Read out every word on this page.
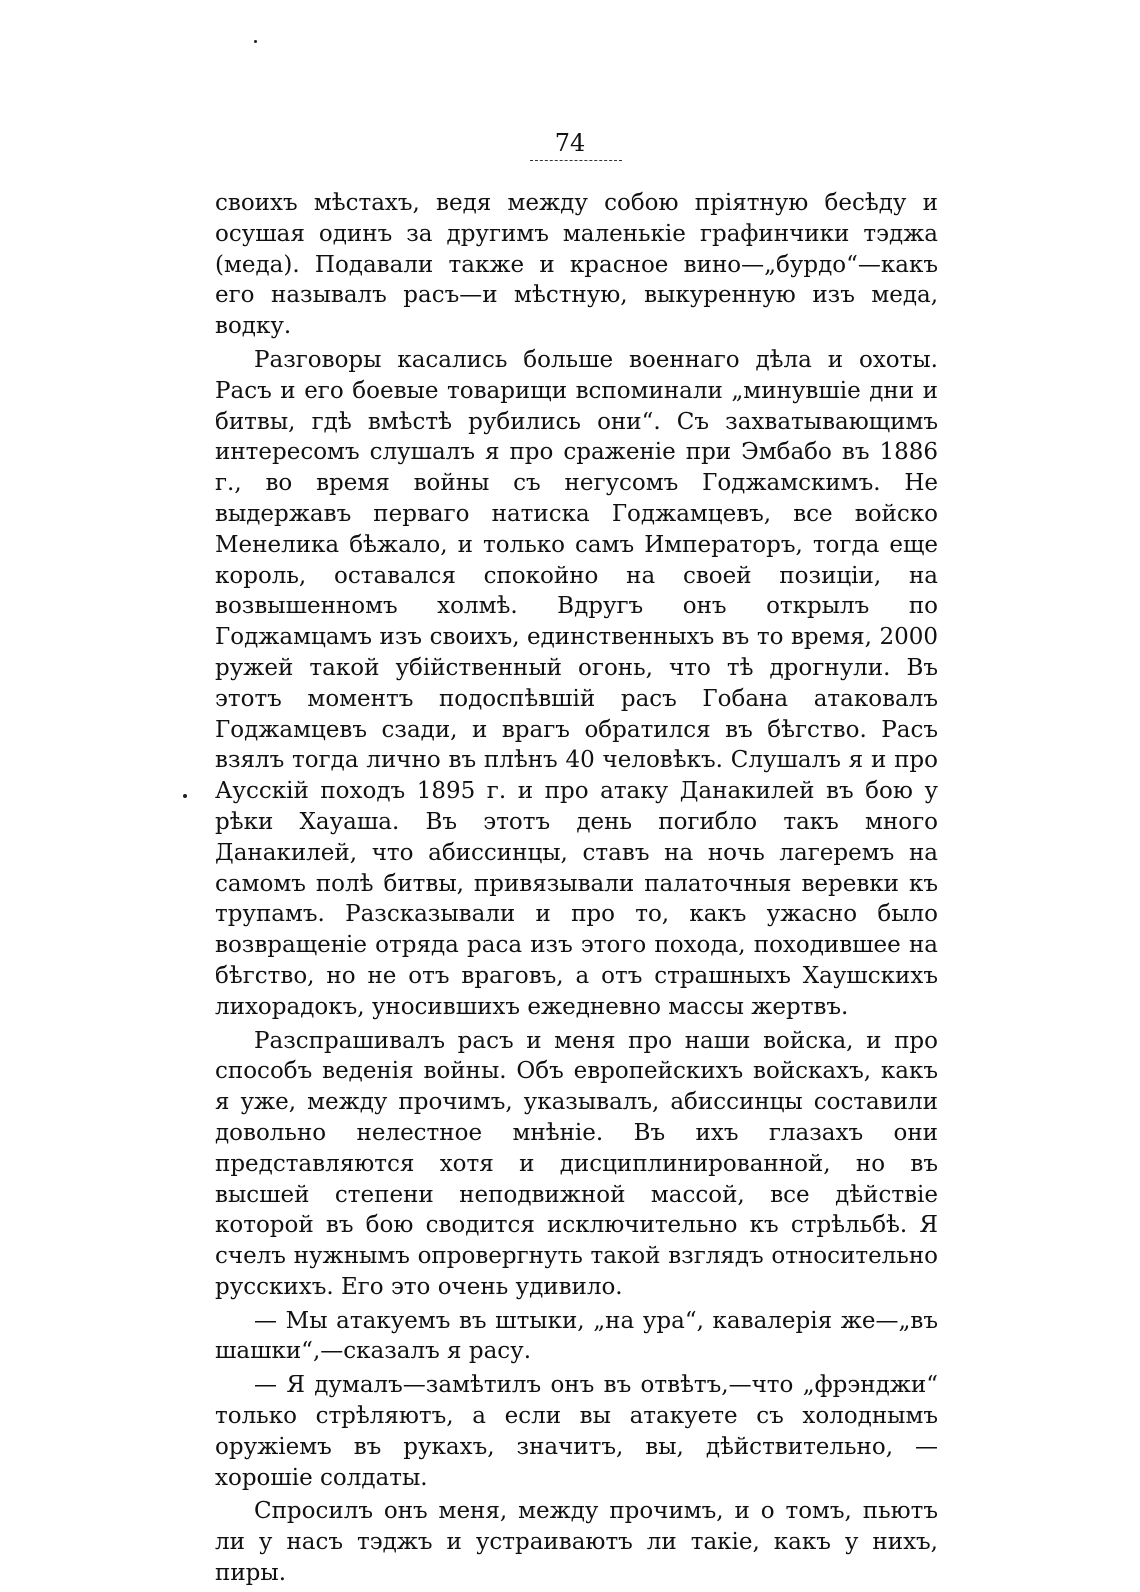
74

своихъ мѣстахъ, ведя между собою пріятную бесѣду и осушая одинъ за другимъ маленькіе графинчики тэджа (меда). Подавали также и красное вино—„бурдо“—какъ его называлъ расъ—и мѣстную, выкуренную изъ меда, водку.

Разговоры касались больше военнаго дѣла и охоты. Расъ и его боевые товарищи вспоминали „минувшіе дни и битвы, гдѣ вмѣстѣ рубились они“. Съ захватывающимъ интересомъ слушалъ я про сраженіе при Эмбабо въ 1886 г., во время войны съ негусомъ Годжамскимъ. Не выдержавъ перваго натиска Годжамцевъ, все войско Менелика бѣжало, и только самъ Императоръ, тогда еще король, оставался спокойно на своей позиціи, на возвышенномъ холмѣ. Вдругъ онъ открылъ по Годжамцамъ изъ своихъ, единственныхъ въ то время, 2000 ружей такой убійственный огонь, что тѣ дрогнули. Въ этотъ моментъ подоспѣвшій расъ Гобана атаковалъ Годжамцевъ сзади, и врагъ обратился въ бѣгство. Расъ взялъ тогда лично въ плѣнъ 40 человѣкъ. Слушалъ я и про Аусскій походъ 1895 г. и про атаку Данакилей въ бою у рѣки Хауаша. Въ этотъ день погибло такъ много Данакилей, что абиссинцы, ставъ на ночь лагеремъ на самомъ полѣ битвы, привязывали палаточныя веревки къ трупамъ. Разсказывали и про то, какъ ужасно было возвращеніе отряда раса изъ этого похода, походившее на бѣгство, но не отъ враговъ, а отъ страшныхъ Хаушскихъ лихорадокъ, уносившихъ ежедневно массы жертвъ.

Разспрашивалъ расъ и меня про наши войска, и про способъ веденія войны. Объ европейскихъ войскахъ, какъ я уже, между прочимъ, указывалъ, абиссинцы составили довольно нелестное мнѣніе. Въ ихъ глазахъ они представляются хотя и дисциплинированной, но въ высшей степени неподвижной массой, все дѣйствіе которой въ бою сводится исключительно къ стрѣльбѣ. Я счелъ нужнымъ опровергнуть такой взглядъ относительно русскихъ. Его это очень удивило.

— Мы атакуемъ въ штыки, „на ура“, кавалерія же—„въ шашки“,—сказалъ я расу.

— Я думалъ—замѣтилъ онъ въ отвѣтъ,—что „фрэнджи“ только стрѣляютъ, а если вы атакуете съ холоднымъ оружіемъ въ рукахъ, значитъ, вы, дѣйствительно, — хорошіе солдаты.

Спросилъ онъ меня, между прочимъ, и о томъ, пьютъ ли у насъ тэджъ и устраиваютъ ли такіе, какъ у нихъ, пиры.
